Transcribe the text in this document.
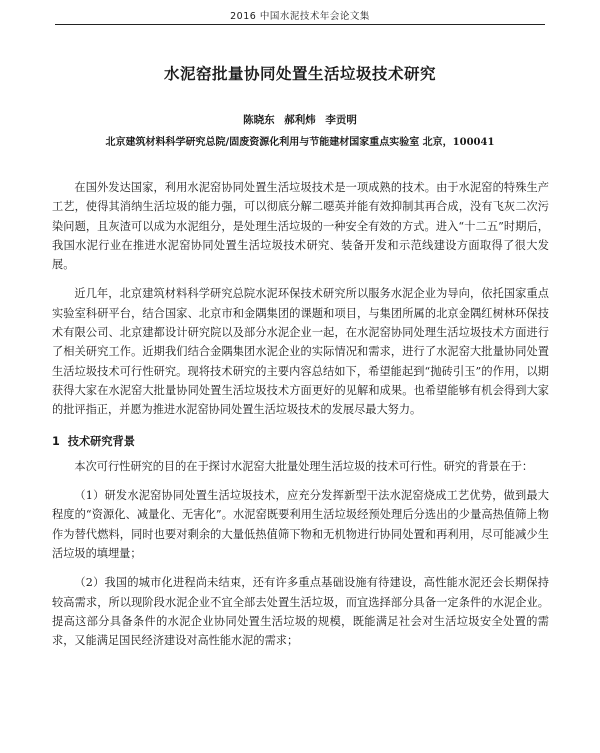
2016 中国水泥技术年会论文集
水泥窑批量协同处置生活垃圾技术研究
陈晓东 郝利炜 李贡明
北京建筑材料科学研究总院/固废资源化利用与节能建材国家重点实验室 北京，100041

在国外发达国家，利用水泥窑协同处置生活垃圾技术是一项成熟的技术。由于水泥窑的特殊生产工艺，使得其消纳生活垃圾的能力强，可以彻底分解二噁英并能有效抑制其再合成，没有飞灰二次污染问题，且灰渣可以成为水泥组分，是处理生活垃圾的一种安全有效的方式。进入“十二五”时期后，我国水泥行业在推进水泥窑协同处置生活垃圾技术研究、装备开发和示范线建设方面取得了很大发展。

近几年，北京建筑材料科学研究总院水泥环保技术研究所以服务水泥企业为导向，依托国家重点实验室科研平台，结合国家、北京市和金隅集团的课题和项目，与集团所属的北京金隅红树林环保技术有限公司、北京建都设计研究院以及部分水泥企业一起，在水泥窑协同处理生活垃圾技术方面进行了相关研究工作。近期我们结合金隅集团水泥企业的实际情况和需求，进行了水泥窑大批量协同处置生活垃圾技术可行性研究。现将技术研究的主要内容总结如下，希望能起到“抛砖引玉”的作用，以期获得大家在水泥窑大批量协同处置生活垃圾技术方面更好的见解和成果。也希望能够有机会得到大家的批评指正，并愿为推进水泥窑协同处置生活垃圾技术的发展尽最大努力。

1 技术研究背景

本次可行性研究的目的在于探讨水泥窑大批量处理生活垃圾的技术可行性。研究的背景在于：

（1）研发水泥窑协同处置生活垃圾技术，应充分发挥新型干法水泥窑烧成工艺优势，做到最大程度的“资源化、减量化、无害化”。水泥窑既要利用生活垃圾经预处理后分选出的少量高热值筛上物作为替代燃料，同时也要对剩余的大量低热值筛下物和无机物进行协同处置和再利用，尽可能减少生活垃圾的填埋量；

（2）我国的城市化进程尚未结束，还有许多重点基础设施有待建设，高性能水泥还会长期保持较高需求，所以现阶段水泥企业不宜全部去处置生活垃圾，而宜选择部分具备一定条件的水泥企业。提高这部分具备条件的水泥企业协同处置生活垃圾的规模，既能满足社会对生活垃圾安全处置的需求，又能满足国民经济建设对高性能水泥的需求；
